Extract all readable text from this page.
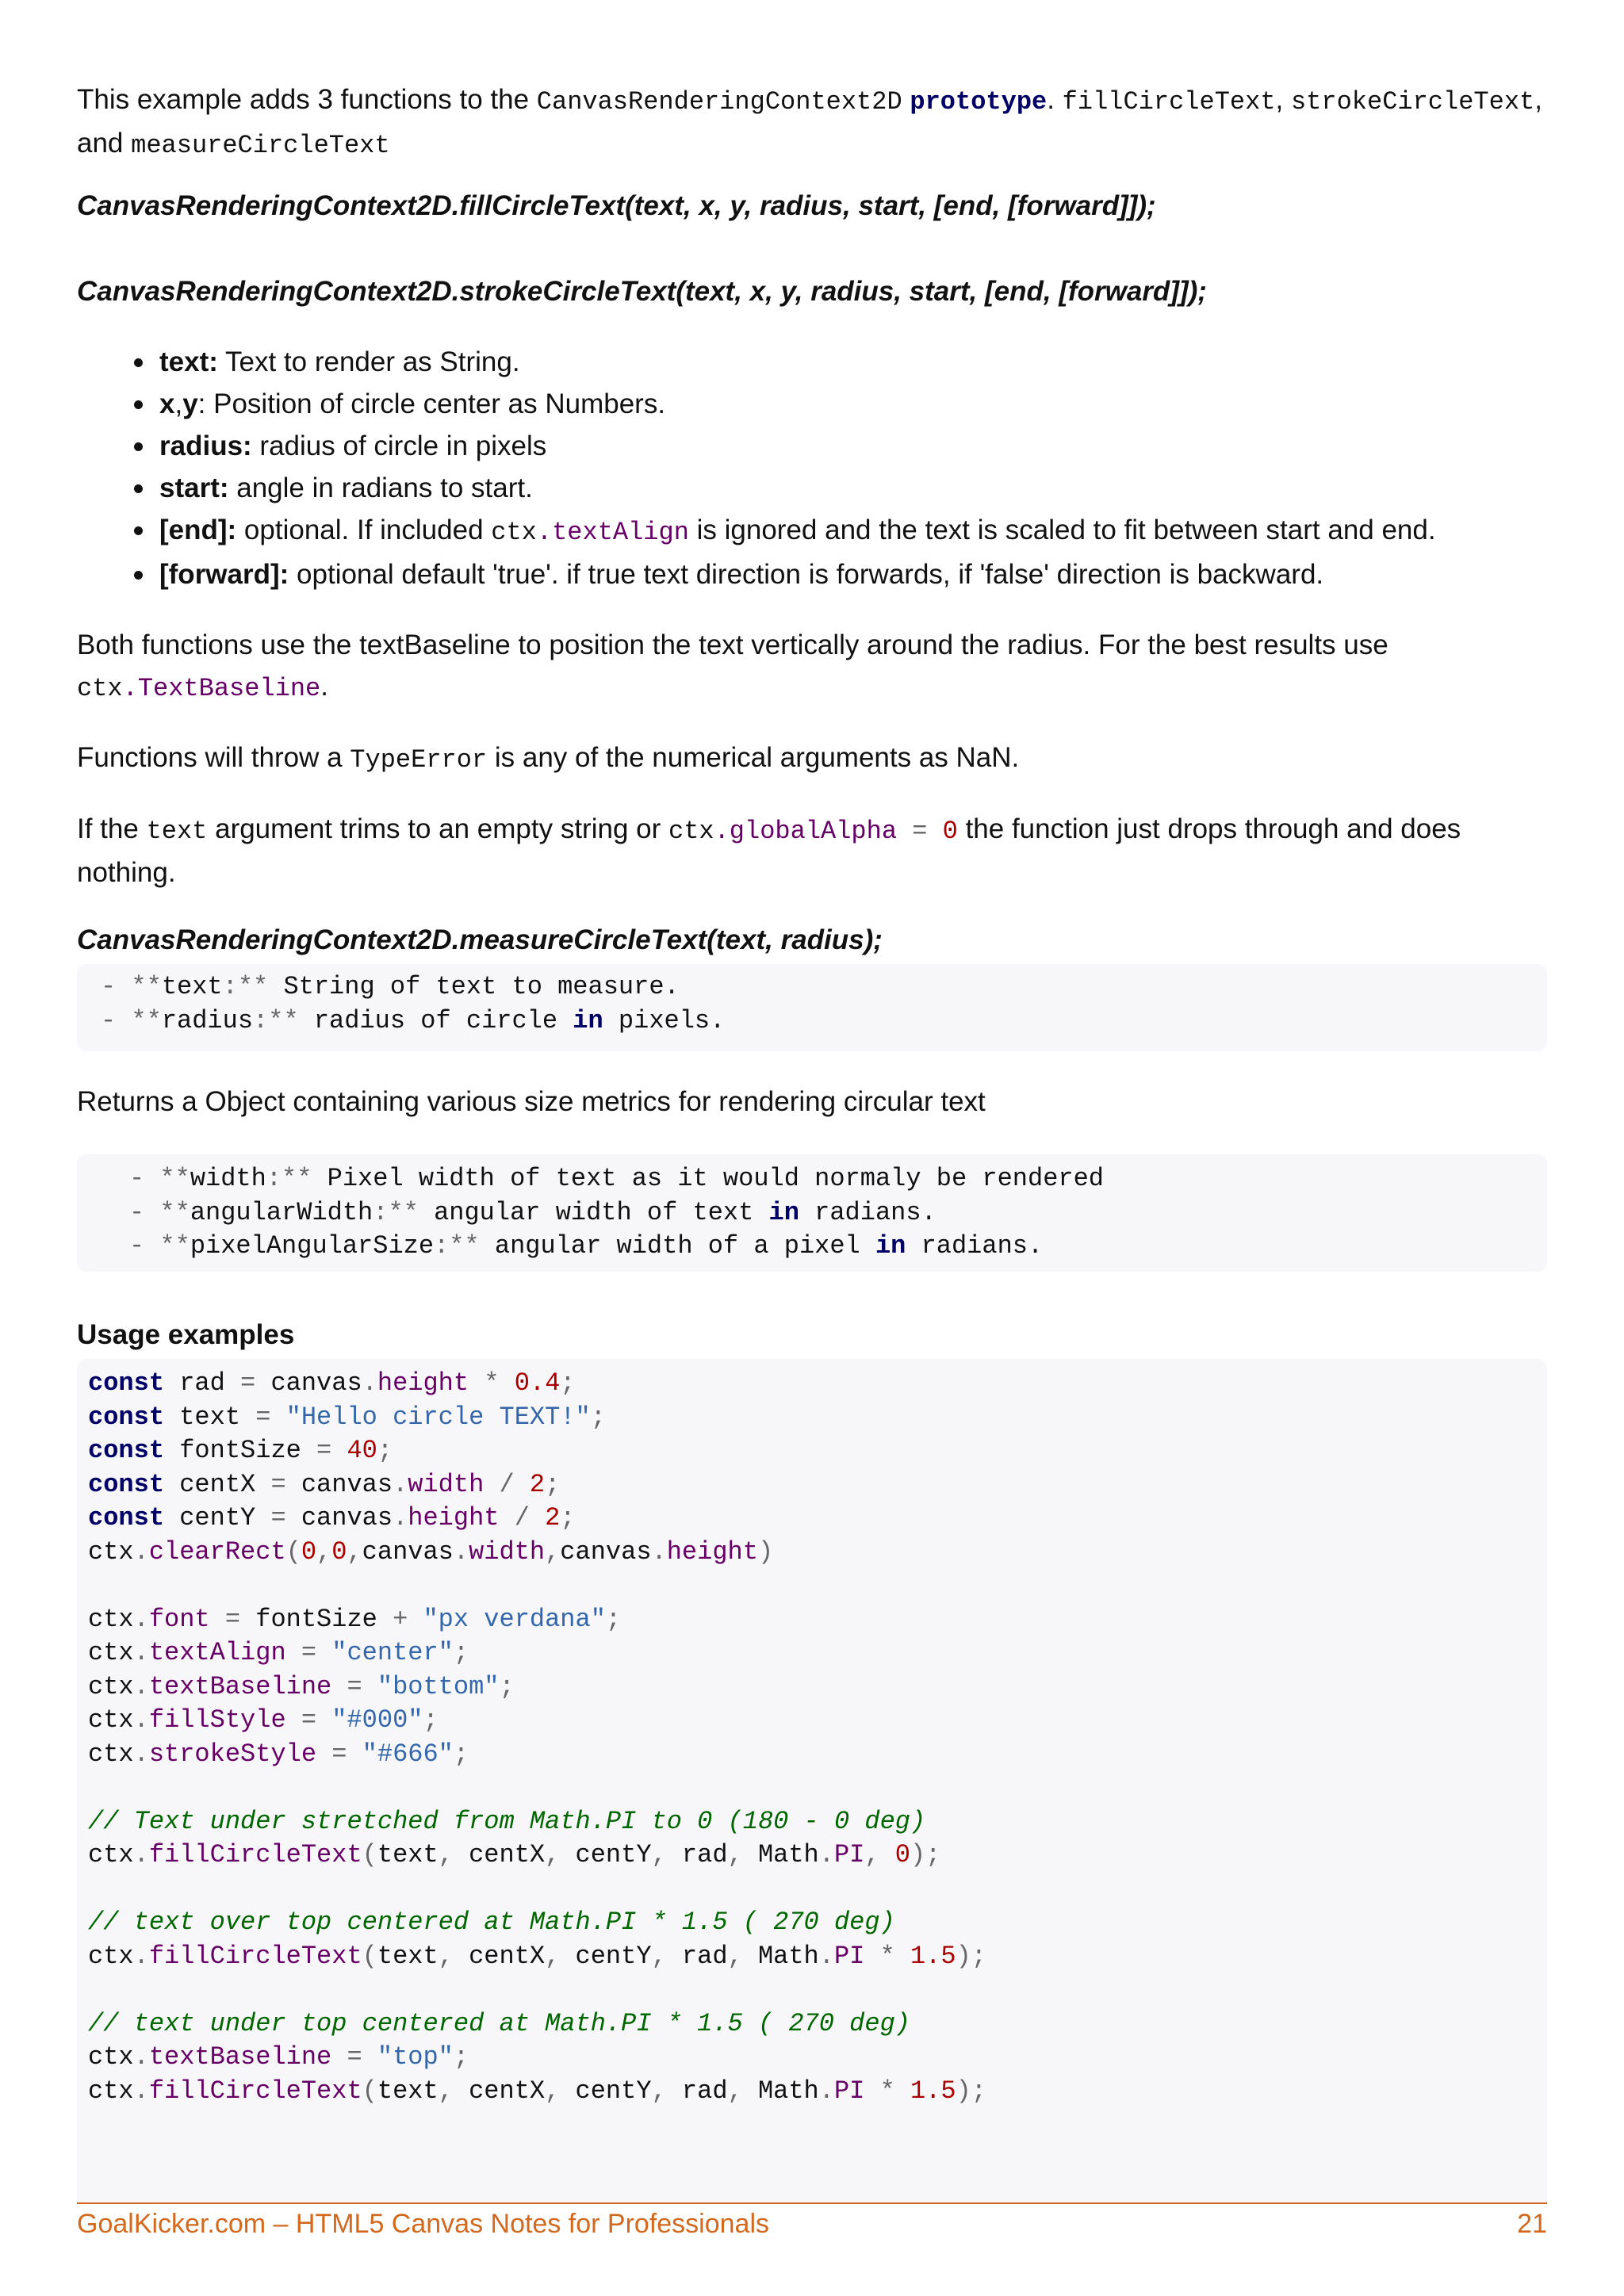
This example adds 3 functions to the CanvasRenderingContext2D prototype. fillCircleText, strokeCircleText,
and measureCircleText

CanvasRenderingContext2D.fillCircleText(text, x, y, radius, start, [end, [forward]]);

CanvasRenderingContext2D.strokeCircleText(text, x, y, radius, start, [end, [forward]]);

text: Text to render as String.
x,y: Position of circle center as Numbers.
radius: radius of circle in pixels
start: angle in radians to start.
[end]: optional. If included ctx.textAlign is ignored and the text is scaled to fit between start and end.
[forward]: optional default 'true'. if true text direction is forwards, if 'false' direction is backward.
Both functions use the textBaseline to position the text vertically around the radius. For the best results use
ctx.TextBaseline.
Functions will throw a TypeError is any of the numerical arguments as NaN.
If the text argument trims to an empty string or ctx.globalAlpha = 0 the function just drops through and does
nothing.

CanvasRenderingContext2D.measureCircleText(text, radius);

- **text:** String of text to measure.
- **radius:** radius of circle in pixels.

Returns a Object containing various size metrics for rendering circular text

- **width:** Pixel width of text as it would normaly be rendered
- **angularWidth:** angular width of text in radians.
- **pixelAngularSize:** angular width of a pixel in radians.

Usage examples

const rad = canvas.height * 0.4;
const text = "Hello circle TEXT!";
const fontSize = 40;
const centX = canvas.width / 2;
const centY = canvas.height / 2;
ctx.clearRect(0,0,canvas.width,canvas.height)

ctx.font = fontSize + "px verdana";
ctx.textAlign = "center";
ctx.textBaseline = "bottom";
ctx.fillStyle = "#000";
ctx.strokeStyle = "#666";

// Text under stretched from Math.PI to 0 (180 - 0 deg)
ctx.fillCircleText(text, centX, centY, rad, Math.PI, 0);

// text over top centered at Math.PI * 1.5 ( 270 deg)
ctx.fillCircleText(text, centX, centY, rad, Math.PI * 1.5);

// text under top centered at Math.PI * 1.5 ( 270 deg)
ctx.textBaseline = "top";
ctx.fillCircleText(text, centX, centY, rad, Math.PI * 1.5);
GoalKicker.com – HTML5 Canvas Notes for Professionals	21
